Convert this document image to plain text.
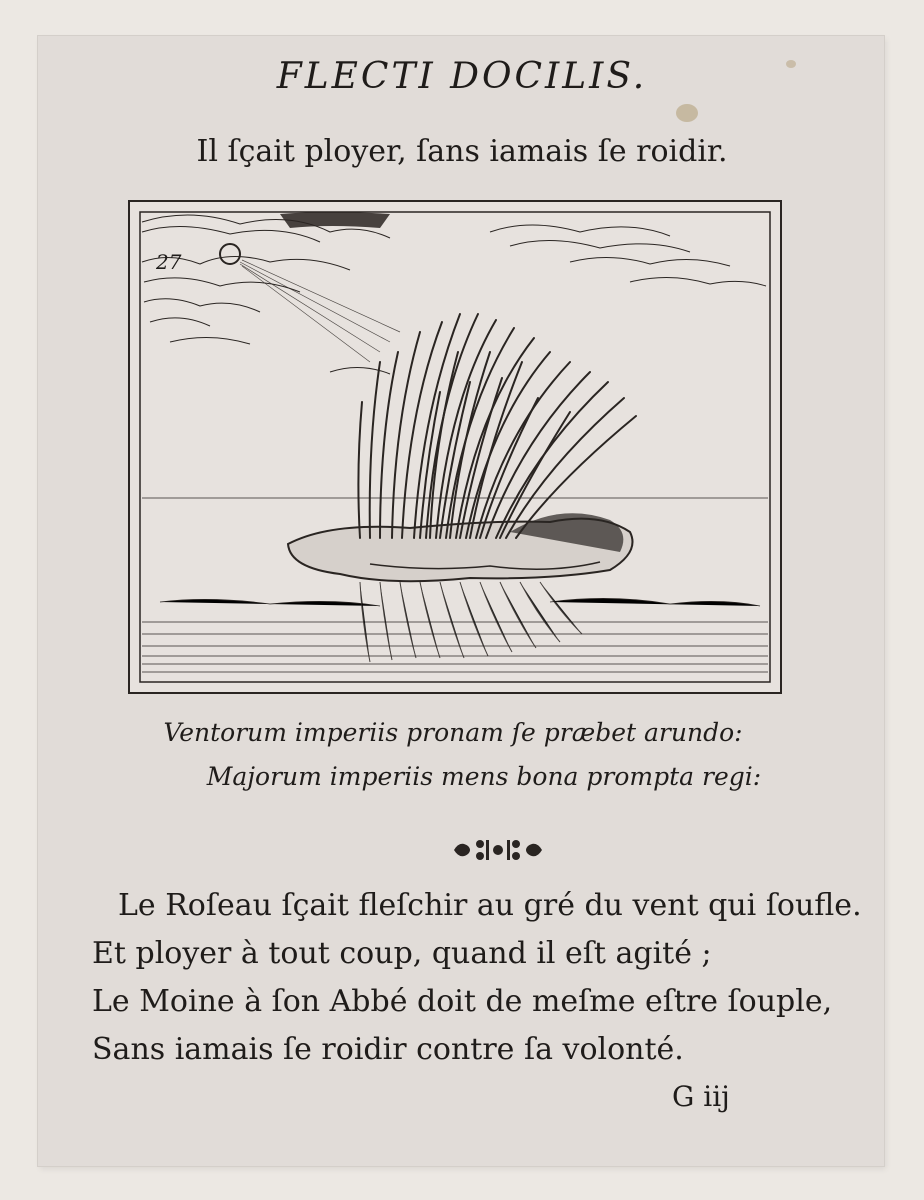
FLECTI DOCILIS.
Il ſçait ployer, ſans iamais ſe roidir.
27
Ventorum imperiis pronam ſe præbet arundo:
Majorum imperiis mens bona prompta regi:
Le Roſeau ſçait fleſchir au gré du vent qui ſoufle.
Et ployer à tout coup, quand il eſt agité ;
Le Moine à ſon Abbé doit de meſme eſtre ſouple,
Sans iamais ſe roidir contre ſa volonté.
G iij
